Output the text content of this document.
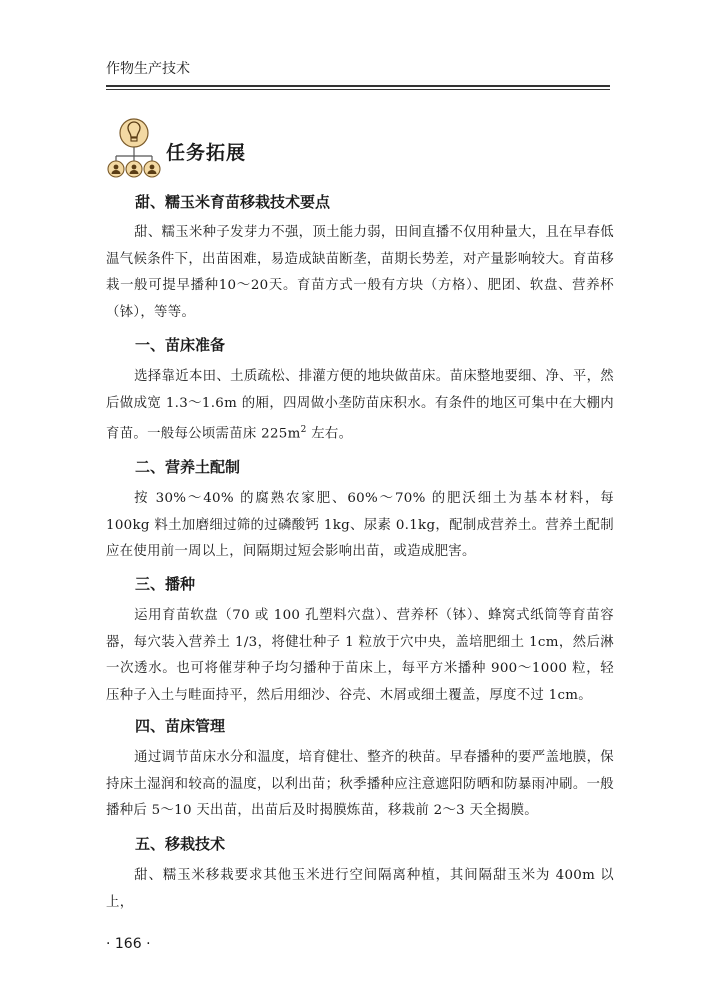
作物生产技术
任务拓展
甜、糯玉米育苗移栽技术要点

甜、糯玉米种子发芽力不强，顶土能力弱，田间直播不仅用种量大，且在早春低温气候条件下，出苗困难，易造成缺苗断垄，苗期长势差，对产量影响较大。育苗移栽一般可提早播种10～20天。育苗方式一般有方块（方格）、肥团、软盘、营养杯（钵），等等。

一、苗床准备

选择靠近本田、土质疏松、排灌方便的地块做苗床。苗床整地要细、净、平，然后做成宽 1.3～1.6m 的厢，四周做小垄防苗床积水。有条件的地区可集中在大棚内育苗。一般每公顷需苗床 $225m^2$ 左右。

二、营养土配制

按 30%～40% 的腐熟农家肥、60%～70% 的肥沃细土为基本材料，每 100kg 料土加磨细过筛的过磷酸钙 1kg、尿素 0.1kg，配制成营养土。营养土配制应在使用前一周以上，间隔期过短会影响出苗，或造成肥害。

三、播种

运用育苗软盘（70 或 100 孔塑料穴盘）、营养杯（钵）、蜂窝式纸筒等育苗容器，每穴装入营养土 1/3，将健壮种子 1 粒放于穴中央，盖培肥细土 1cm，然后淋一次透水。也可将催芽种子均匀播种于苗床上，每平方米播种 900～1000 粒，轻压种子入土与畦面持平，然后用细沙、谷壳、木屑或细土覆盖，厚度不过 1cm。

四、苗床管理

通过调节苗床水分和温度，培育健壮、整齐的秧苗。早春播种的要严盖地膜，保持床土湿润和较高的温度，以利出苗；秋季播种应注意遮阳防晒和防暴雨冲刷。一般播种后 5～10 天出苗，出苗后及时揭膜炼苗，移栽前 2～3 天全揭膜。

五、移栽技术

甜、糯玉米移栽要求其他玉米进行空间隔离种植，其间隔甜玉米为 400m 以上，

· 166 ·
